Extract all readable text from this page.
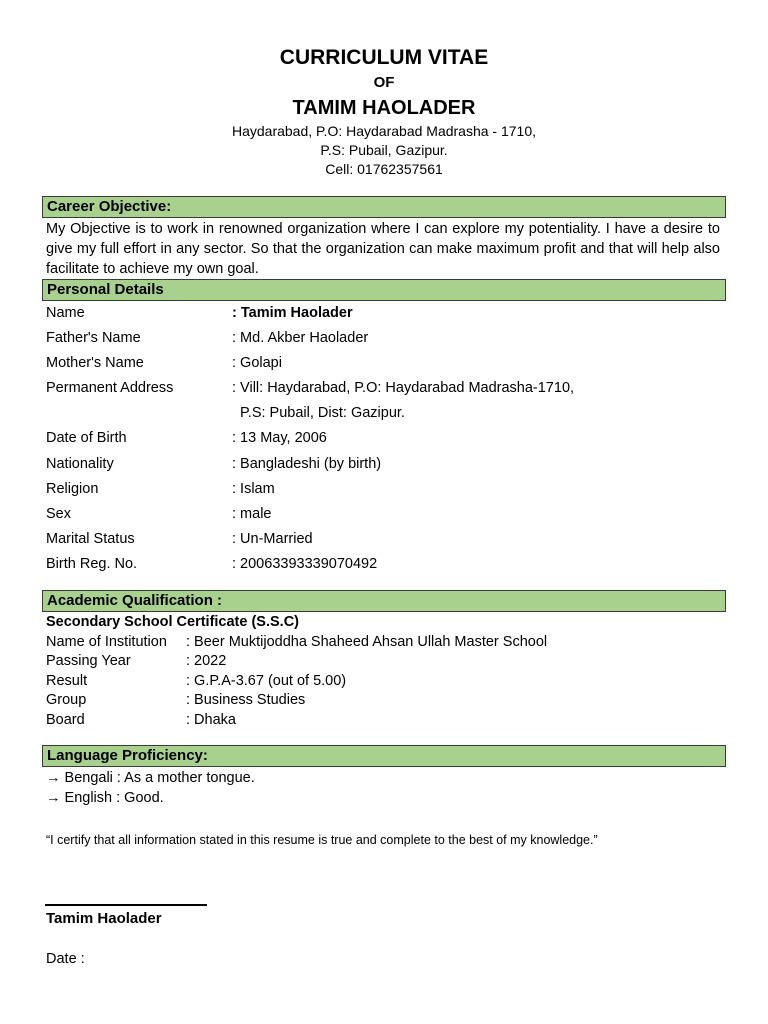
CURRICULUM VITAE
OF
TAMIM HAOLADER
Haydarabad, P.O: Haydarabad Madrasha - 1710,
P.S: Pubail, Gazipur.
Cell: 01762357561
Career Objective:
My Objective is to work in renowned organization where I can explore my potentiality. I have a desire to give my full effort in any sector. So that the organization can make maximum profit and that will help also facilitate to achieve my own goal.
Personal Details
Name	: Tamim Haolader
Father's Name	: Md. Akber Haolader
Mother's Name	: Golapi
Permanent Address	: Vill: Haydarabad, P.O: Haydarabad Madrasha-1710,
P.S: Pubail, Dist: Gazipur.
Date of Birth	: 13 May, 2006
Nationality	: Bangladeshi (by birth)
Religion	: Islam
Sex	: male
Marital Status	: Un-Married
Birth Reg. No.	: 20063393339070492
Academic Qualification :
Secondary School Certificate (S.S.C)
Name of Institution	: Beer Muktijoddha Shaheed Ahsan Ullah Master School
Passing Year	: 2022
Result	: G.P.A-3.67 (out of 5.00)
Group	: Business Studies
Board	: Dhaka
Language Proficiency:
→ Bengali : As a mother tongue.
→ English : Good.
“I certify that all information stated in this resume is true and complete to the best of my knowledge.”
Tamim Haolader
Date :
